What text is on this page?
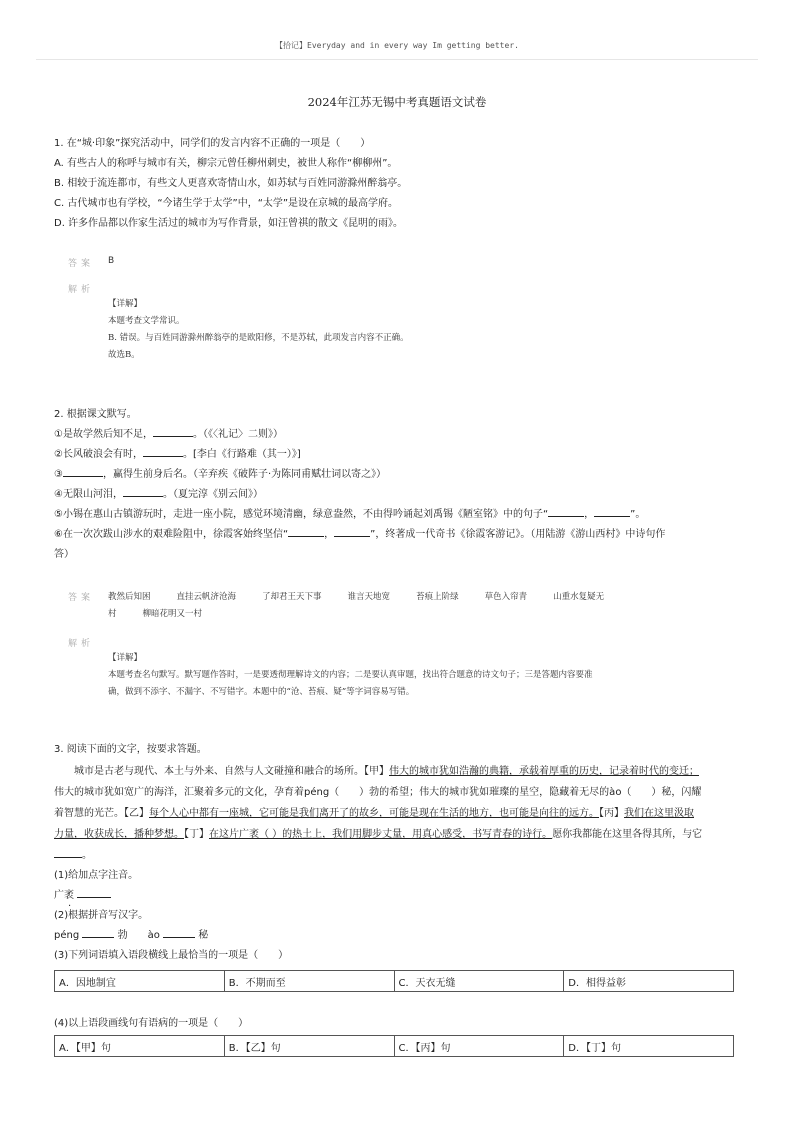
【拾记】Everyday and in every way Im getting better.
2024年江苏无锡中考真题语文试卷

1. 在“城·印象”探究活动中，同学们的发言内容不正确的一项是（　　）

A. 有些古人的称呼与城市有关，柳宗元曾任柳州刺史，被世人称作“柳柳州”。

B. 相较于流连都市，有些文人更喜欢寄情山水，如苏轼与百姓同游滁州醉翁亭。

C. 古代城市也有学校，“今诸生学于太学”中，“太学”是设在京城的最高学府。

D. 许多作品都以作家生活过的城市为写作背景，如汪曾祺的散文《昆明的雨》。

答案 B
解析

【详解】

本题考查文学常识。

B. 错误。与百姓同游滁州醉翁亭的是欧阳修，不是苏轼，此项发言内容不正确。

故选B。

2. 根据课文默写。

①是故学然后知不足，	。（《〈礼记〉二则》）

②长风破浪会有时，	。[李白《行路难（其一）》]

③	，赢得生前身后名。（辛弃疾《破阵子·为陈同甫赋壮词以寄之》）

④无限山河泪，	。（夏完淳《别云间》）

⑤小锡在惠山古镇游玩时，走进一座小院，感觉环境清幽，绿意盎然，不由得吟诵起刘禹锡《陋室铭》中的句子“	，	”。

⑥在一次次跋山涉水的艰难险阻中，徐霞客始终坚信“	，	”，终著成一代奇书《徐霞客游记》。（用陆游《游山西村》中诗句作

答）

答案 教然后知困	直挂云帆济沧海	了却君王天下事	谁言天地宽	苔痕上阶绿	草色入帘青	山重水复疑无
村	柳暗花明又一村
解析

【详解】

本题考查名句默写。默写题作答时，一是要透彻理解诗文的内容；二是要认真审题，找出符合题意的诗文句子；三是答题内容要准

确，做到不添字、不漏字、不写错字。本题中的“沧、苔痕、疑”等字词容易写错。

3. 阅读下面的文字，按要求答题。

　　城市是古老与现代、本土与外来、自然与人文碰撞和融合的场所。【甲】伟大的城市犹如浩瀚的典籍，承载着厚重的历史，记录着时代的变迁；

伟大的城市犹如宽广的海洋，汇聚着多元的文化，孕育着péng（　　）勃的希望；伟大的城市犹如璀璨的星空，隐藏着无尽的ào（　　）秘，闪耀

着智慧的光芒。【乙】每个人心中都有一座城，它可能是我们离开了的故乡，可能是现在生活的地方，也可能是向往的远方。【丙】我们在这里汲取

力量，收获成长，播种梦想。【丁】在这片广袤（ ）的热土上，我们用脚步丈量，用真心感受，书写青春的诗行。愿你我都能在这里各得其所，与它

。

(1)给加点字注音。

广袤

(2)根据拼音写汉字。

péng	勃　　 ào	秘

(3)下列词语填入语段横线上最恰当的一项是（　　）

A．因地制宜	B．不期而至	C．天衣无缝	D．相得益彰
(4)以上语段画线句有语病的一项是（　　）
A．【甲】句	B．【乙】句	C．【丙】句	D．【丁】句
